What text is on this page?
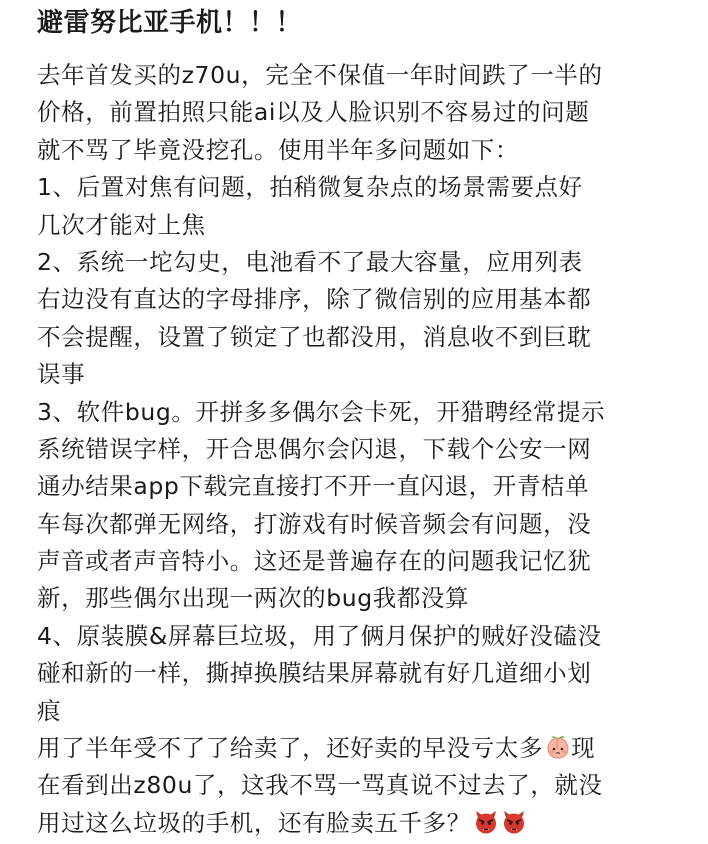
避雷努比亚手机！！！
去年首发买的z70u，完全不保值一年时间跌了一半的
价格，前置拍照只能ai以及人脸识别不容易过的问题
就不骂了毕竟没挖孔。使用半年多问题如下：
1、后置对焦有问题，拍稍微复杂点的场景需要点好
几次才能对上焦
2、系统一坨勾史，电池看不了最大容量，应用列表
右边没有直达的字母排序，除了微信别的应用基本都
不会提醒，设置了锁定了也都没用，消息收不到巨耽
误事
3、软件bug。开拼多多偶尔会卡死，开猎聘经常提示
系统错误字样，开合思偶尔会闪退，下载个公安一网
通办结果app下载完直接打不开一直闪退，开青桔单
车每次都弹无网络，打游戏有时候音频会有问题，没
声音或者声音特小。这还是普遍存在的问题我记忆犹
新，那些偶尔出现一两次的bug我都没算
4、原装膜&屏幕巨垃圾，用了俩月保护的贼好没磕没
碰和新的一样，撕掉换膜结果屏幕就有好几道细小划
痕
用了半年受不了了给卖了，还好卖的早没亏太多 现
在看到出z80u了，这我不骂一骂真说不过去了，就没
用过这么垃圾的手机，还有脸卖五千多？
